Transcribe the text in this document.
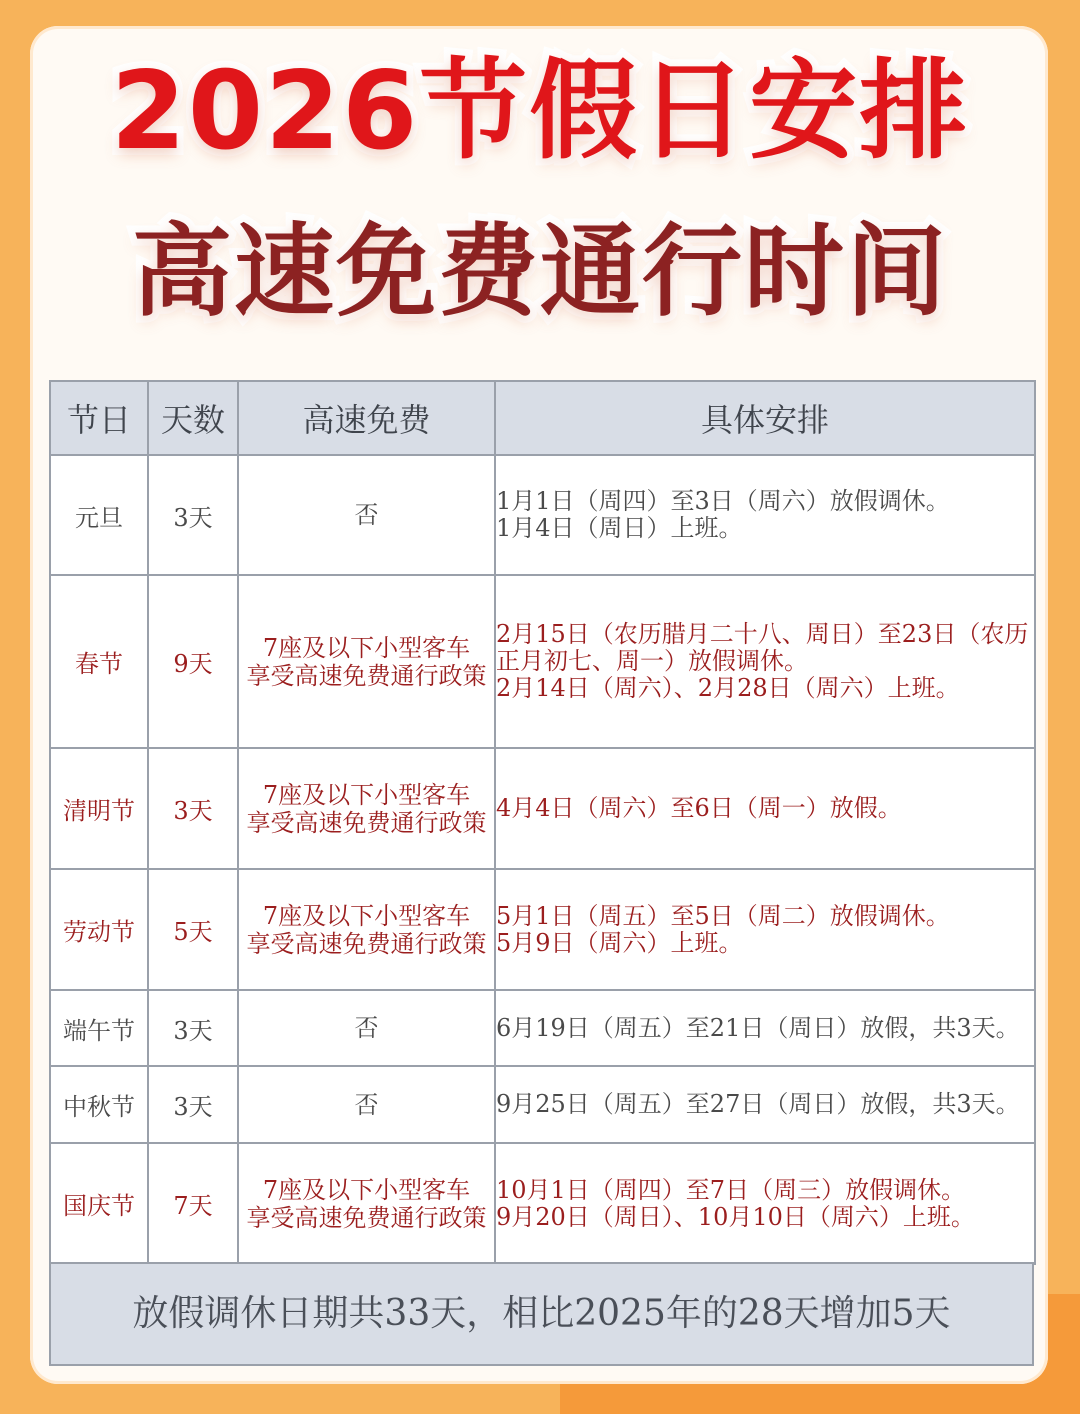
2026节假日安排
高速免费通行时间
节日	天数	高速免费	具体安排
元旦	3天	否	1月1日（周四）至3日（周六）放假调休。
1月4日（周日）上班。
春节	9天	7座及以下小型客车
享受高速免费通行政策	2月15日（农历腊月二十八、周日）至23日（农历
正月初七、周一）放假调休。
2月14日（周六）、2月28日（周六）上班。
清明节	3天	7座及以下小型客车
享受高速免费通行政策	4月4日（周六）至6日（周一）放假。
劳动节	5天	7座及以下小型客车
享受高速免费通行政策	5月1日（周五）至5日（周二）放假调休。
5月9日（周六）上班。
端午节	3天	否	6月19日（周五）至21日（周日）放假，共3天。
中秋节	3天	否	9月25日（周五）至27日（周日）放假，共3天。
国庆节	7天	7座及以下小型客车
享受高速免费通行政策	10月1日（周四）至7日（周三）放假调休。
9月20日（周日）、10月10日（周六）上班。
放假调休日期共33天，相比2025年的28天增加5天
